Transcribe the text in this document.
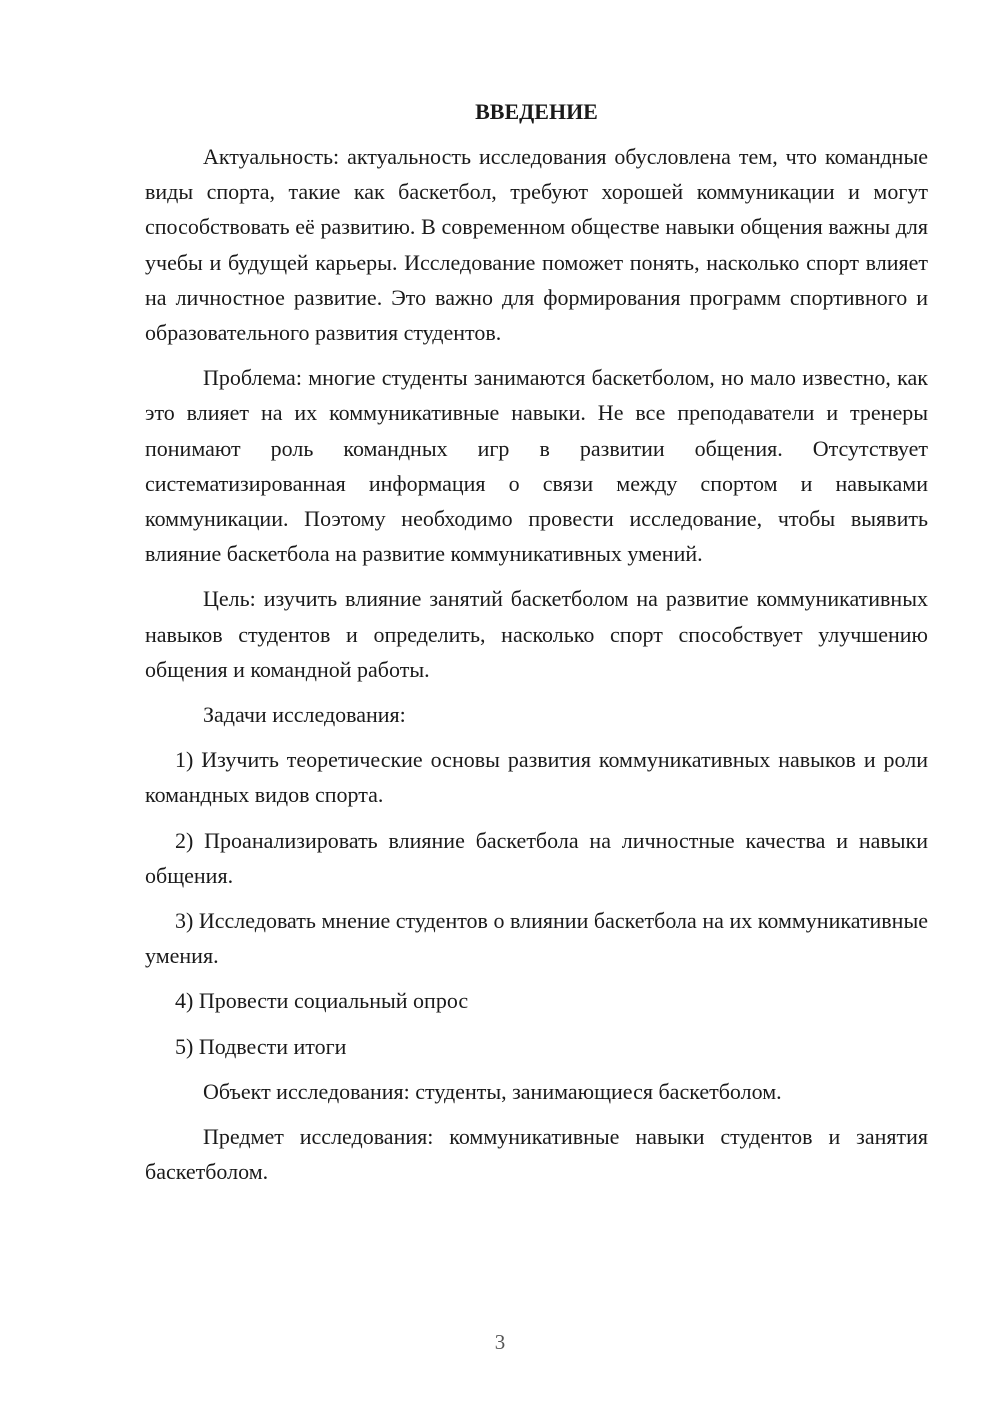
ВВЕДЕНИЕ

Актуальность: актуальность исследования обусловлена тем, что командные виды спорта, такие как баскетбол, требуют хорошей коммуникации и могут способствовать её развитию. В современном обществе навыки общения важны для учебы и будущей карьеры. Исследование поможет понять, насколько спорт влияет на личностное развитие. Это важно для формирования программ спортивного и образовательного развития студентов.

Проблема: многие студенты занимаются баскетболом, но мало известно, как это влияет на их коммуникативные навыки. Не все преподаватели и тренеры понимают роль командных игр в развитии общения. Отсутствует систематизированная информация о связи между спортом и навыками коммуникации. Поэтому необходимо провести исследование, чтобы выявить влияние баскетбола на развитие коммуникативных умений.

Цель: изучить влияние занятий баскетболом на развитие коммуникативных навыков студентов и определить, насколько спорт способствует улучшению общения и командной работы.

Задачи исследования:

1) Изучить теоретические основы развития коммуникативных навыков и роли командных видов спорта.

2) Проанализировать влияние баскетбола на личностные качества и навыки общения.

3) Исследовать мнение студентов о влиянии баскетбола на их коммуникативные умения.

4) Провести социальный опрос

5) Подвести итоги

Объект исследования: студенты, занимающиеся баскетболом.

Предмет исследования: коммуникативные навыки студентов и занятия баскетболом.

3
